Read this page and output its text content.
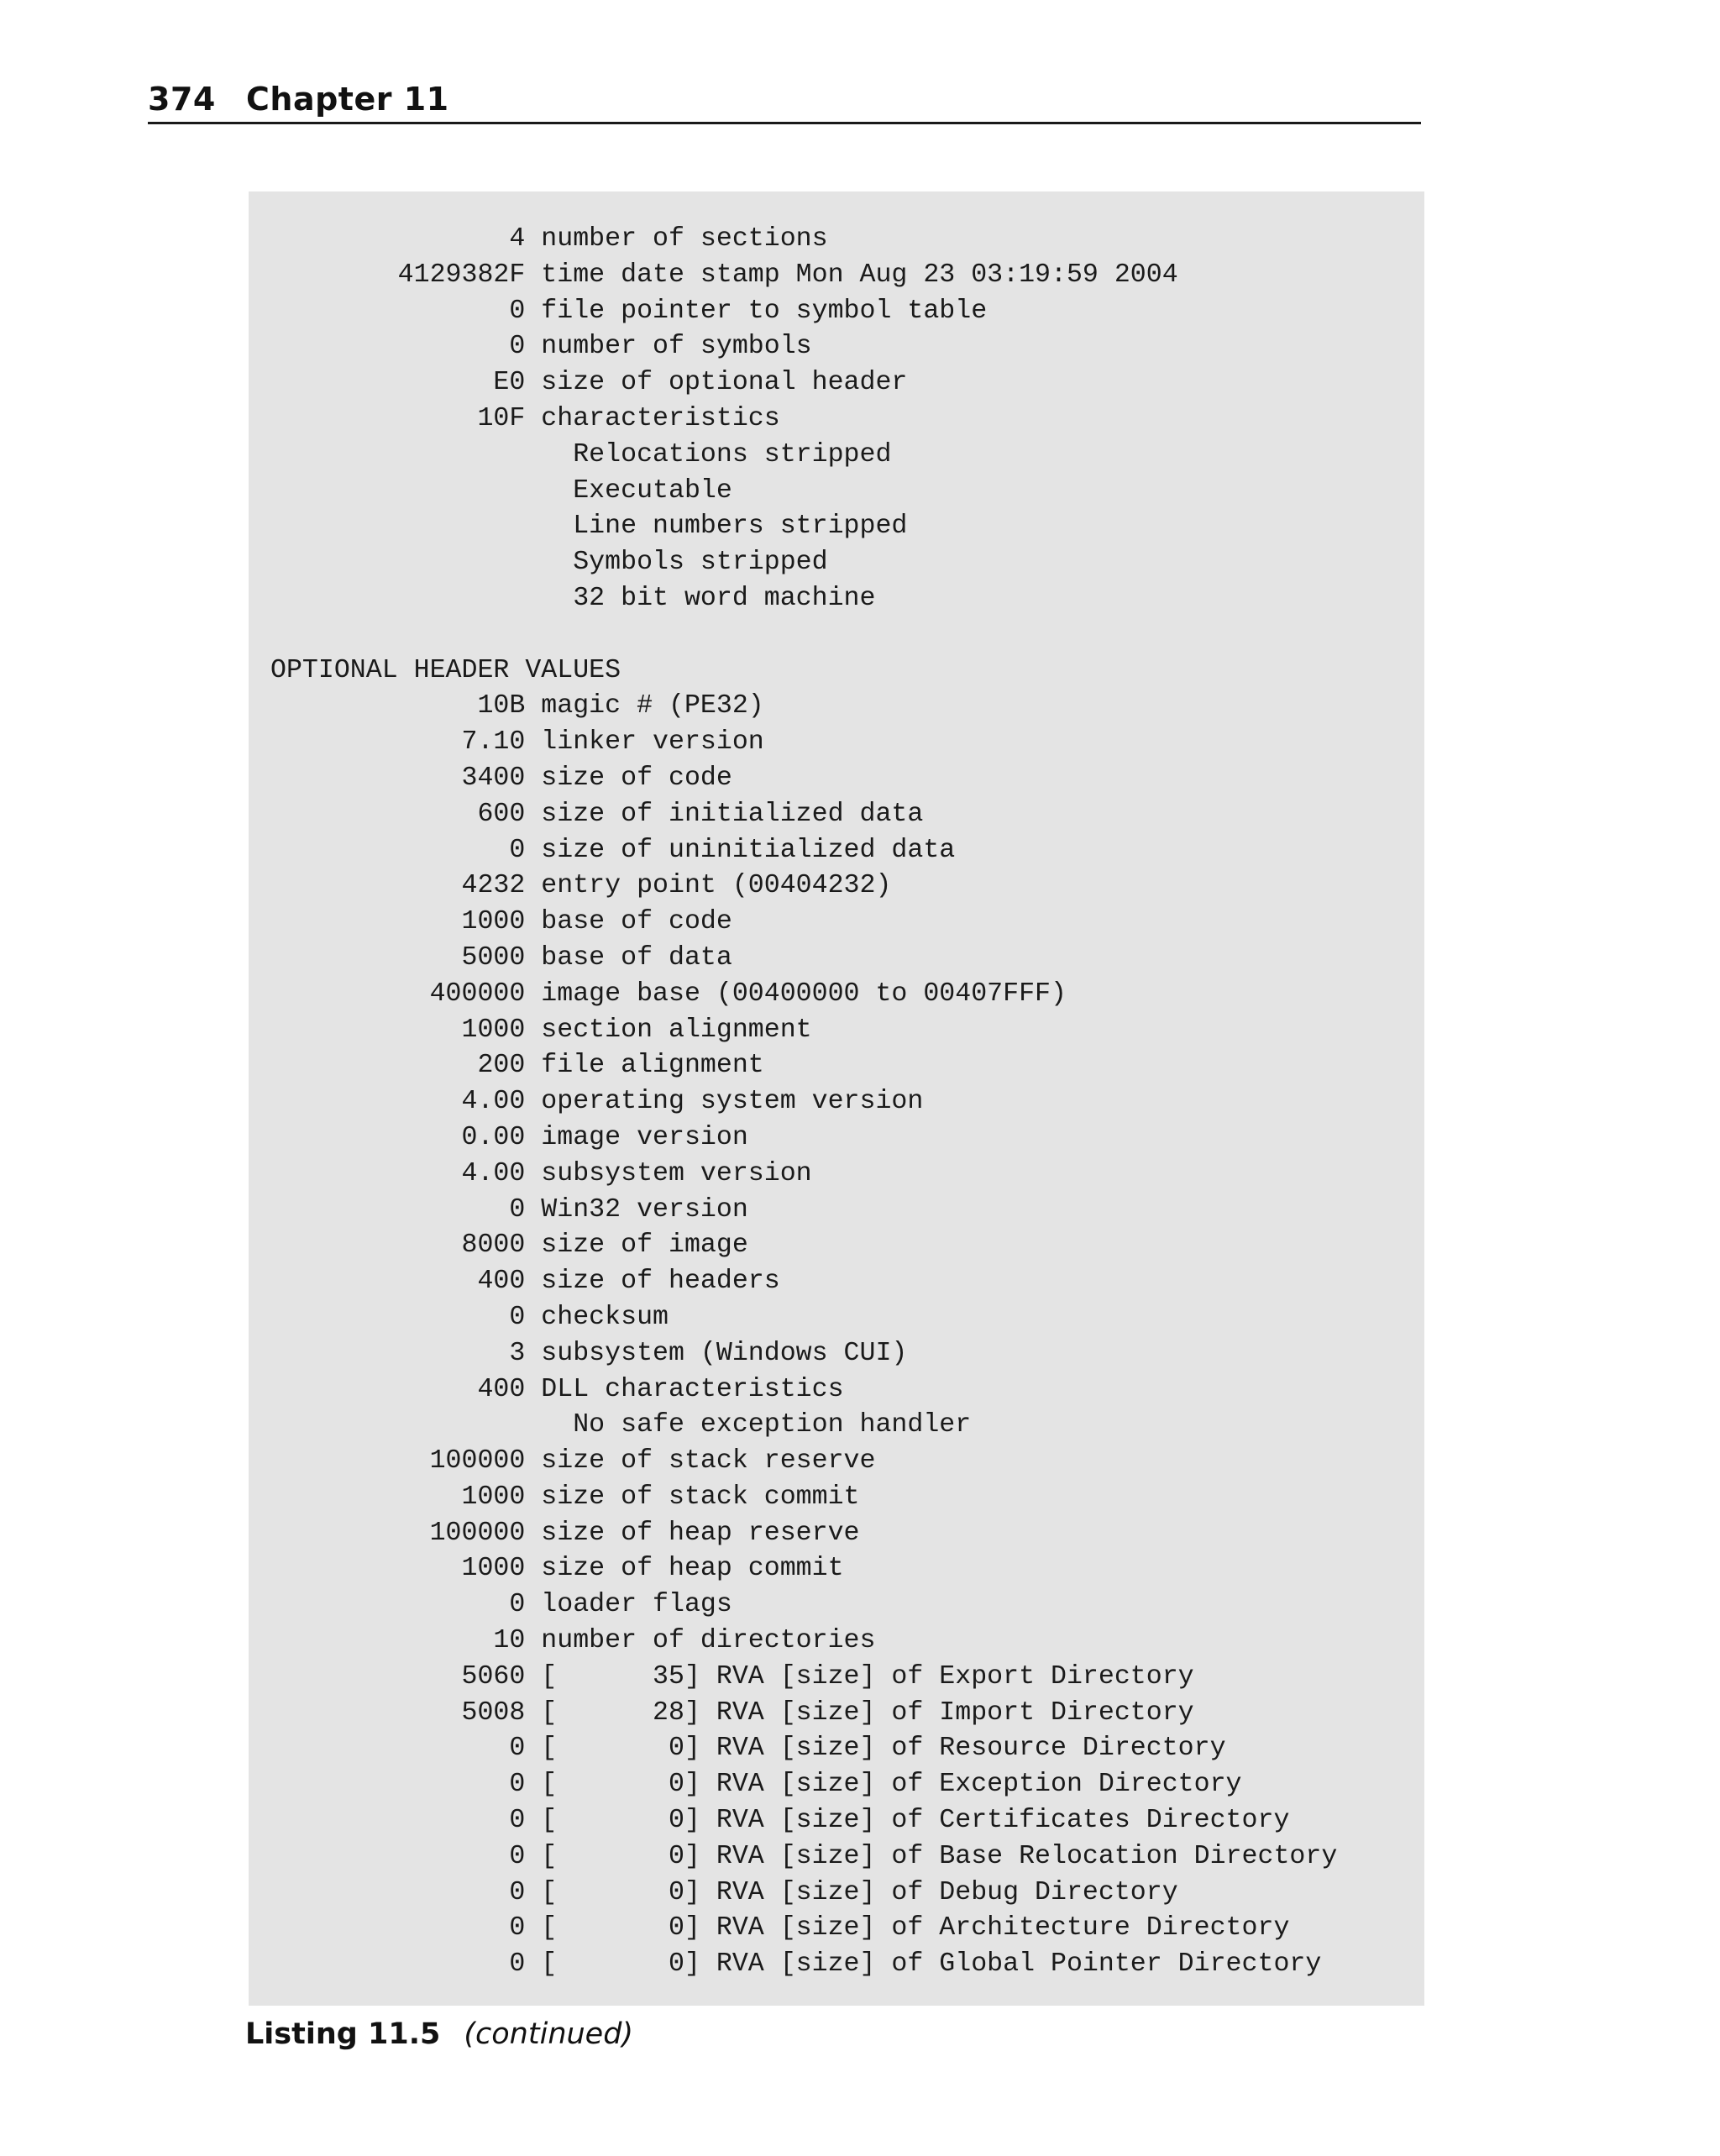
374 Chapter 11
4 number of sections
4129382F time date stamp Mon Aug 23 03:19:59 2004
0 file pointer to symbol table
0 number of symbols
E0 size of optional header
10F characteristics
Relocations stripped
Executable
Line numbers stripped
Symbols stripped
32 bit word machine
OPTIONAL HEADER VALUES
10B magic # (PE32)
7.10 linker version
3400 size of code
600 size of initialized data
0 size of uninitialized data
4232 entry point (00404232)
1000 base of code
5000 base of data
400000 image base (00400000 to 00407FFF)
1000 section alignment
200 file alignment
4.00 operating system version
0.00 image version
4.00 subsystem version
0 Win32 version
8000 size of image
400 size of headers
0 checksum
3 subsystem (Windows CUI)
400 DLL characteristics
No safe exception handler
100000 size of stack reserve
1000 size of stack commit
100000 size of heap reserve
1000 size of heap commit
0 loader flags
10 number of directories
5060 [      35] RVA [size] of Export Directory
5008 [      28] RVA [size] of Import Directory
0 [       0] RVA [size] of Resource Directory
0 [       0] RVA [size] of Exception Directory
0 [       0] RVA [size] of Certificates Directory
0 [       0] RVA [size] of Base Relocation Directory
0 [       0] RVA [size] of Debug Directory
0 [       0] RVA [size] of Architecture Directory
0 [       0] RVA [size] of Global Pointer Directory
Listing 11.5 (continued)
